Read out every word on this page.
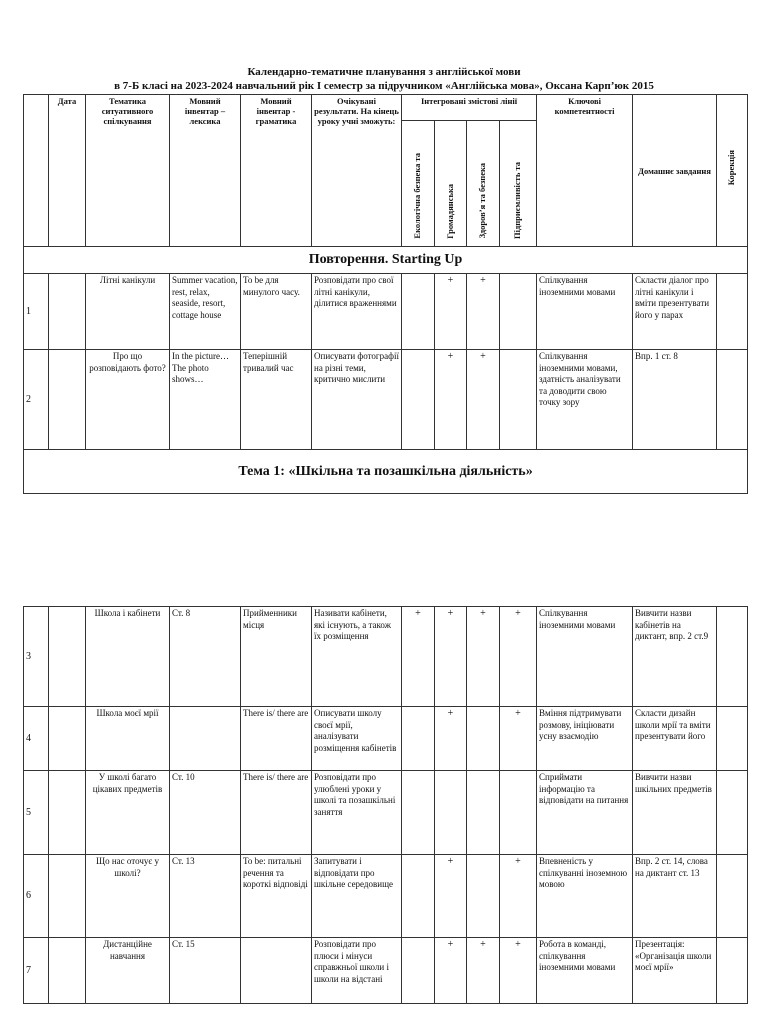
Календарно-тематичне планування з англійської мови
в 7-Б класі на 2023-2024 навчальний рік І семестр за підручником «Англійська мова», Оксана Карп’юк 2015
	Дата	Тематика ситуативного спілкування	Мовний інвентар – лексика	Мовний інвентар - граматика	Очікувані результати. На кінець уроку учні зможуть:	Інтегровані змістові лінії				Ключові компетентності	Домашнє завдання	Корекція
						Екологічна безпека та	Громадянська	Здоров’я та безпека	Підприємливість та			
Повторення. Starting Up												
1		Літні канікули	Summer vacation, rest, relax, seaside, resort, cottage house	To be для минулого часу.	Розповідати про свої літні канікули, ділитися враженнями		+	+		Спілкування іноземними мовами	Скласти діалог про літні канікули і вміти презентувати його у парах	
2		Про що розповідають фото?	In the picture… The photo shows…	Теперішній тривалий час	Описувати фотографії на різні теми, критично мислити		+	+		Спілкування іноземними мовами, здатність аналізувати та доводити свою точку зору	Впр. 1 ст. 8	
Тема 1: «Шкільна та позашкільна діяльність»												
3		Школа і кабінети	Ст. 8	Прийменники місця	Називати кабінети, які існують, а також їх розміщення	+	+	+	+	Спілкування іноземними мовами	Вивчити назви кабінетів на диктант, впр. 2 ст.9	
4		Школа моєї мрії		There is/ there are	Описувати школу своєї мрії, аналізувати розміщення кабінетів		+		+	Вміння підтримувати розмову, ініціювати усну взаємодію	Скласти дизайн школи мрії та вміти презентувати його	
5		У школі багато цікавих предметів	Ст. 10	There is/ there are	Розповідати про улюблені уроки у школі та позашкільні заняття					Сприймати інформацію та відповідати на питання	Вивчити назви шкільних предметів	
6		Що нас оточує у школі?	Ст. 13	To be: питальні речення та короткі відповіді	Запитувати і відповідати про шкільне середовище		+		+	Впевненість у спілкуванні іноземною мовою	Впр. 2 ст. 14, слова на диктант ст. 13	
7		Дистанційне навчання	Ст. 15		Розповідати про плюси і мінуси справжньої школи і школи на відстані		+	+	+	Робота в команді, спілкування іноземними мовами	Презентація: «Організація школи моєї мрії»	
